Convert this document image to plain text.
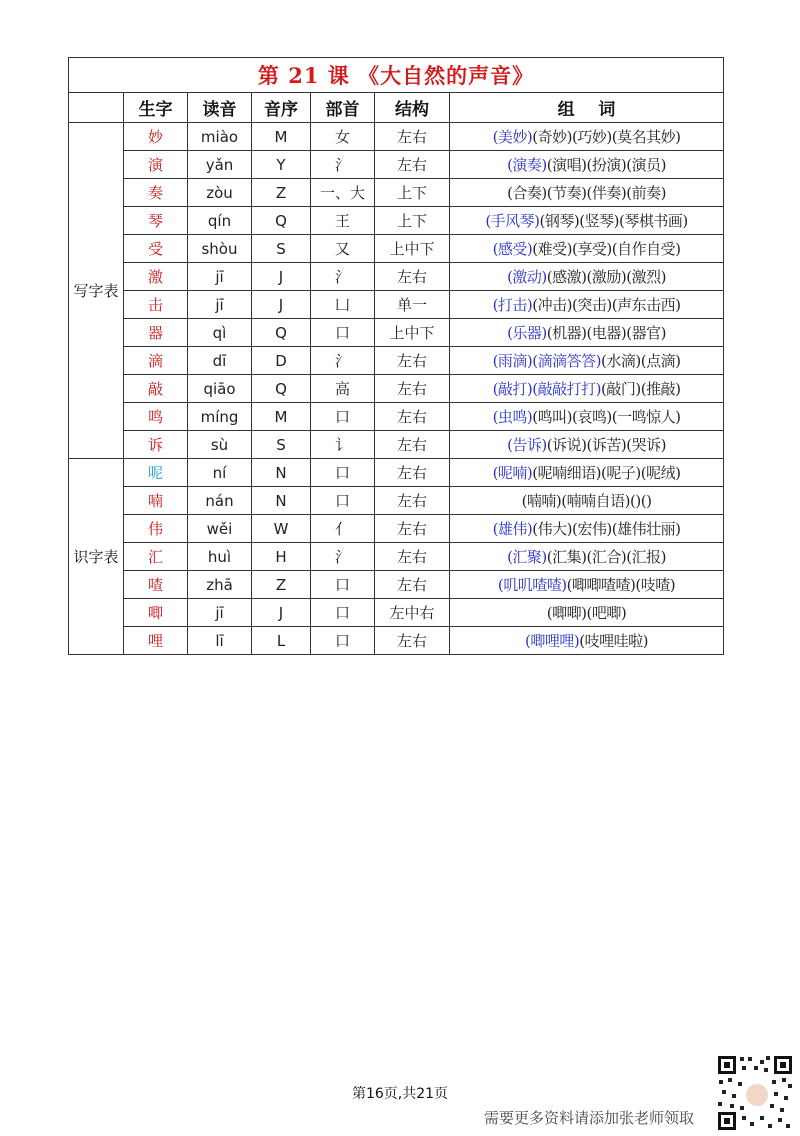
第 21 课 《大自然的声音》						
	生字	读音	音序	部首	结构	组    词
写字表	妙	miào	M	女	左右	(美妙)(奇妙)(巧妙)(莫名其妙)
	演	yǎn	Y	氵	左右	(演奏)(演唱)(扮演)(演员)
	奏	zòu	Z	一、大	上下	(合奏)(节奏)(伴奏)(前奏)
	琴	qín	Q	王	上下	(手风琴)(钢琴)(竖琴)(琴棋书画)
	受	shòu	S	又	上中下	(感受)(难受)(享受)(自作自受)
	激	jī	J	氵	左右	(激动)(感激)(激励)(激烈)
	击	jī	J	凵	单一	(打击)(冲击)(突击)(声东击西)
	器	qì	Q	口	上中下	(乐器)(机器)(电器)(器官)
	滴	dī	D	氵	左右	(雨滴)(滴滴答答)(水滴)(点滴)
	敲	qiāo	Q	高	左右	(敲打)(敲敲打打)(敲门)(推敲)
	鸣	míng	M	口	左右	(虫鸣)(鸣叫)(哀鸣)(一鸣惊人)
	诉	sù	S	讠	左右	(告诉)(诉说)(诉苦)(哭诉)
识字表	呢	ní	N	口	左右	(呢喃)(呢喃细语)(呢子)(呢绒)
	喃	nán	N	口	左右	(喃喃)(喃喃自语)()()
	伟	wěi	W	亻	左右	(雄伟)(伟大)(宏伟)(雄伟壮丽)
	汇	huì	H	氵	左右	(汇聚)(汇集)(汇合)(汇报)
	喳	zhā	Z	口	左右	(叽叽喳喳)(唧唧喳喳)(吱喳)
	唧	jī	J	口	左中右	(唧唧)(吧唧)
	哩	lī	L	口	左右	(唧哩哩)(吱哩哇啦)
第16页,共21页
需要更多资料请添加张老师领取
